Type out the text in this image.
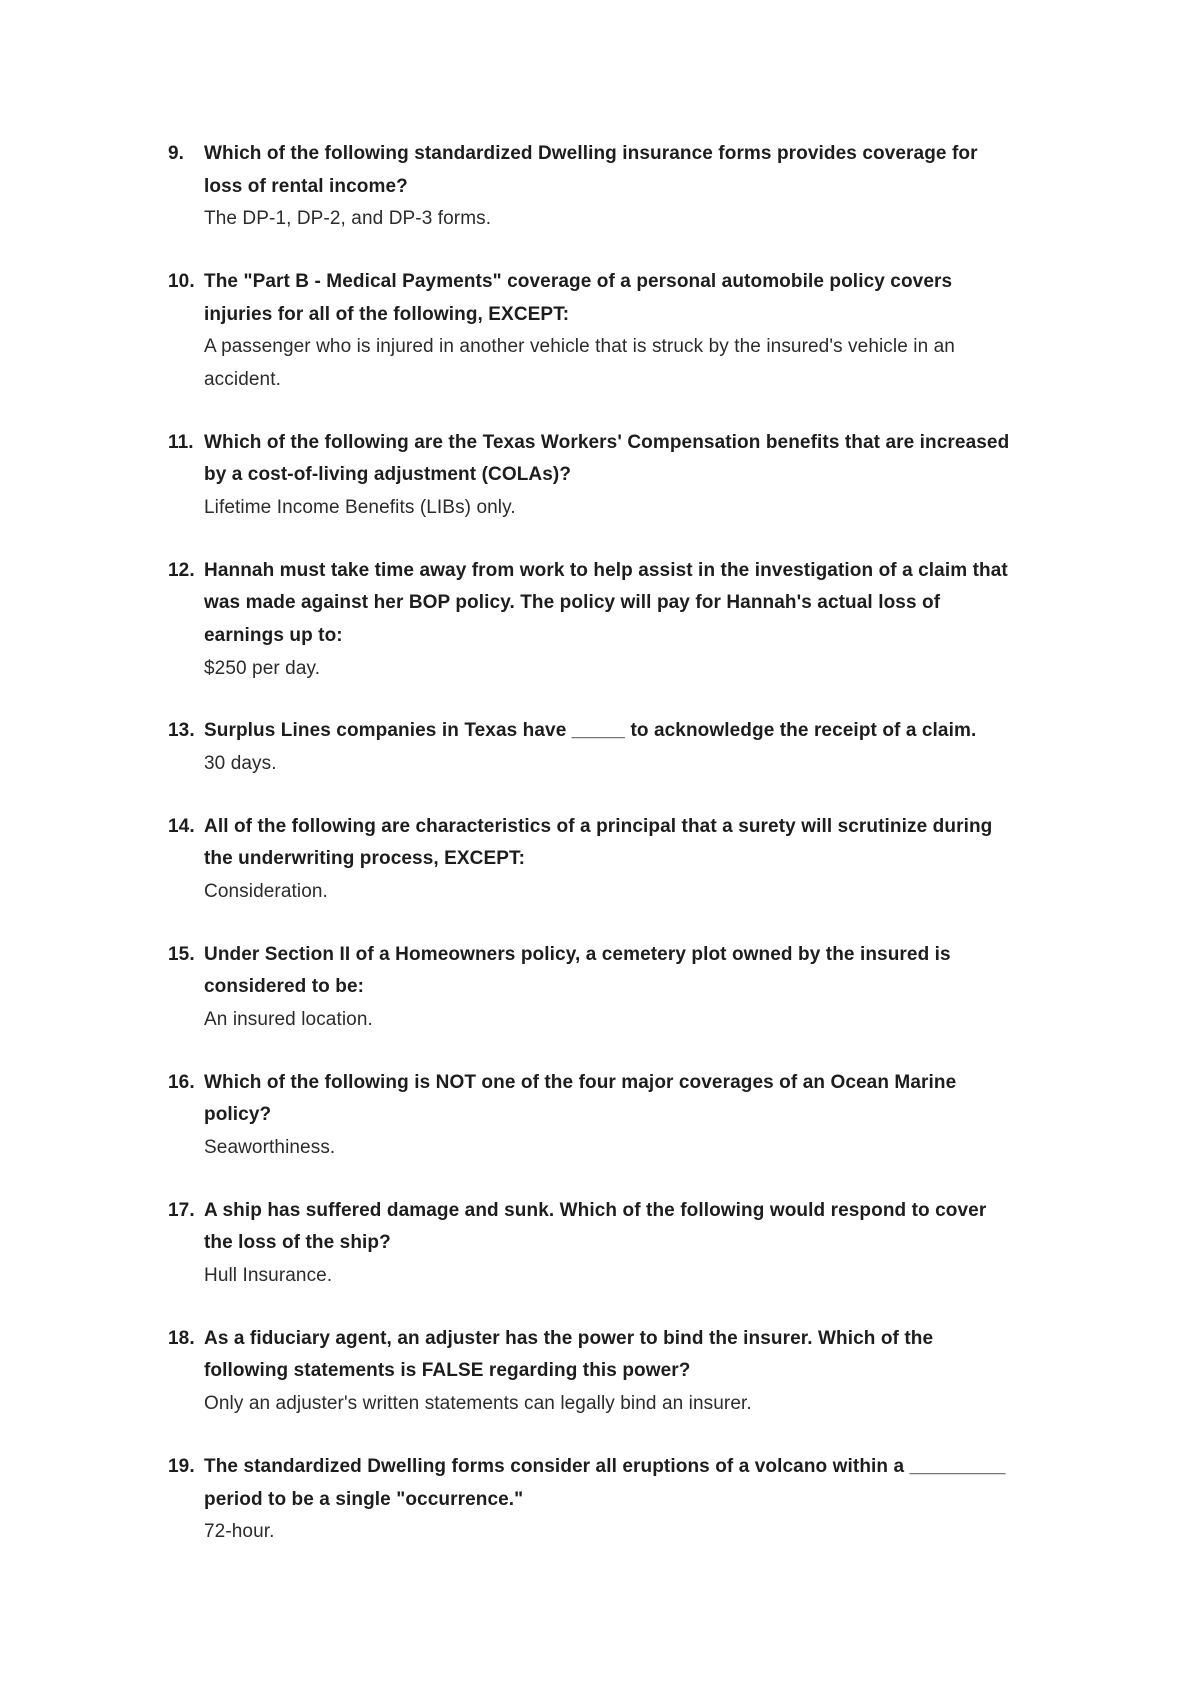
9.	Which of the following standardized Dwelling insurance forms provides coverage for loss of rental income?

The DP-1, DP-2, and DP-3 forms.

10. The "Part B - Medical Payments" coverage of a personal automobile policy covers injuries for all of the following, EXCEPT:

A passenger who is injured in another vehicle that is struck by the insured's vehicle in an accident.

11. Which of the following are the Texas Workers' Compensation benefits that are increased by a cost-of-living adjustment (COLAs)?

Lifetime Income Benefits (LIBs) only.

12. Hannah must take time away from work to help assist in the investigation of a claim that was made against her BOP policy. The policy will pay for Hannah's actual loss of earnings up to:

$250 per day.

13. Surplus Lines companies in Texas have _____ to acknowledge the receipt of a claim.

30 days.

14. All of the following are characteristics of a principal that a surety will scrutinize during the underwriting process, EXCEPT:

Consideration.

15. Under Section II of a Homeowners policy, a cemetery plot owned by the insured is considered to be:

An insured location.

16. Which of the following is NOT one of the four major coverages of an Ocean Marine policy?

Seaworthiness.

17. A ship has suffered damage and sunk. Which of the following would respond to cover the loss of the ship?

Hull Insurance.

18. As a fiduciary agent, an adjuster has the power to bind the insurer. Which of the following statements is FALSE regarding this power?

Only an adjuster's written statements can legally bind an insurer.

19. The standardized Dwelling forms consider all eruptions of a volcano within a _________ period to be a single "occurrence."

72-hour.
